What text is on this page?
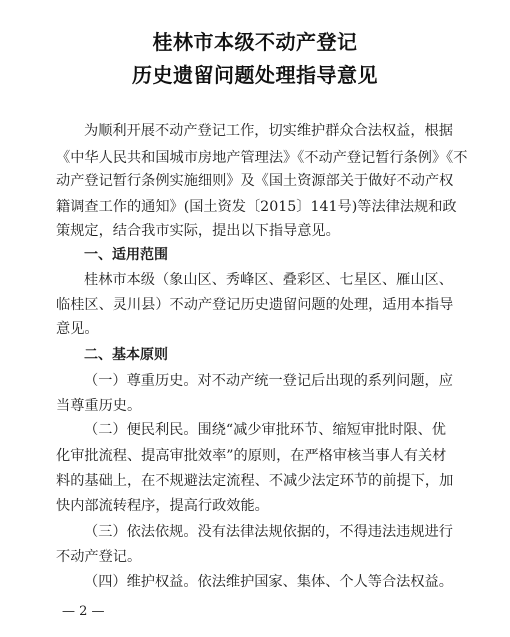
桂林市本级不动产登记
历史遗留问题处理指导意见
为顺利开展不动产登记工作，切实维护群众合法权益，根据
《中华人民共和国城市房地产管理法》《不动产登记暂行条例》《不
动产登记暂行条例实施细则》及《国土资源部关于做好不动产权
籍调查工作的通知》(国土资发〔2015〕141号)等法律法规和政
策规定，结合我市实际，提出以下指导意见。
一、适用范围
桂林市本级（象山区、秀峰区、叠彩区、七星区、雁山区、
临桂区、灵川县）不动产登记历史遗留问题的处理，适用本指导
意见。
二、基本原则
（一）尊重历史。对不动产统一登记后出现的系列问题，应
当尊重历史。
（二）便民利民。围绕“减少审批环节、缩短审批时限、优
化审批流程、提高审批效率”的原则，在严格审核当事人有关材
料的基础上，在不规避法定流程、不减少法定环节的前提下，加
快内部流转程序，提高行政效能。
（三）依法依规。没有法律法规依据的，不得违法违规进行
不动产登记。
（四）维护权益。依法维护国家、集体、个人等合法权益。
— 2 —
